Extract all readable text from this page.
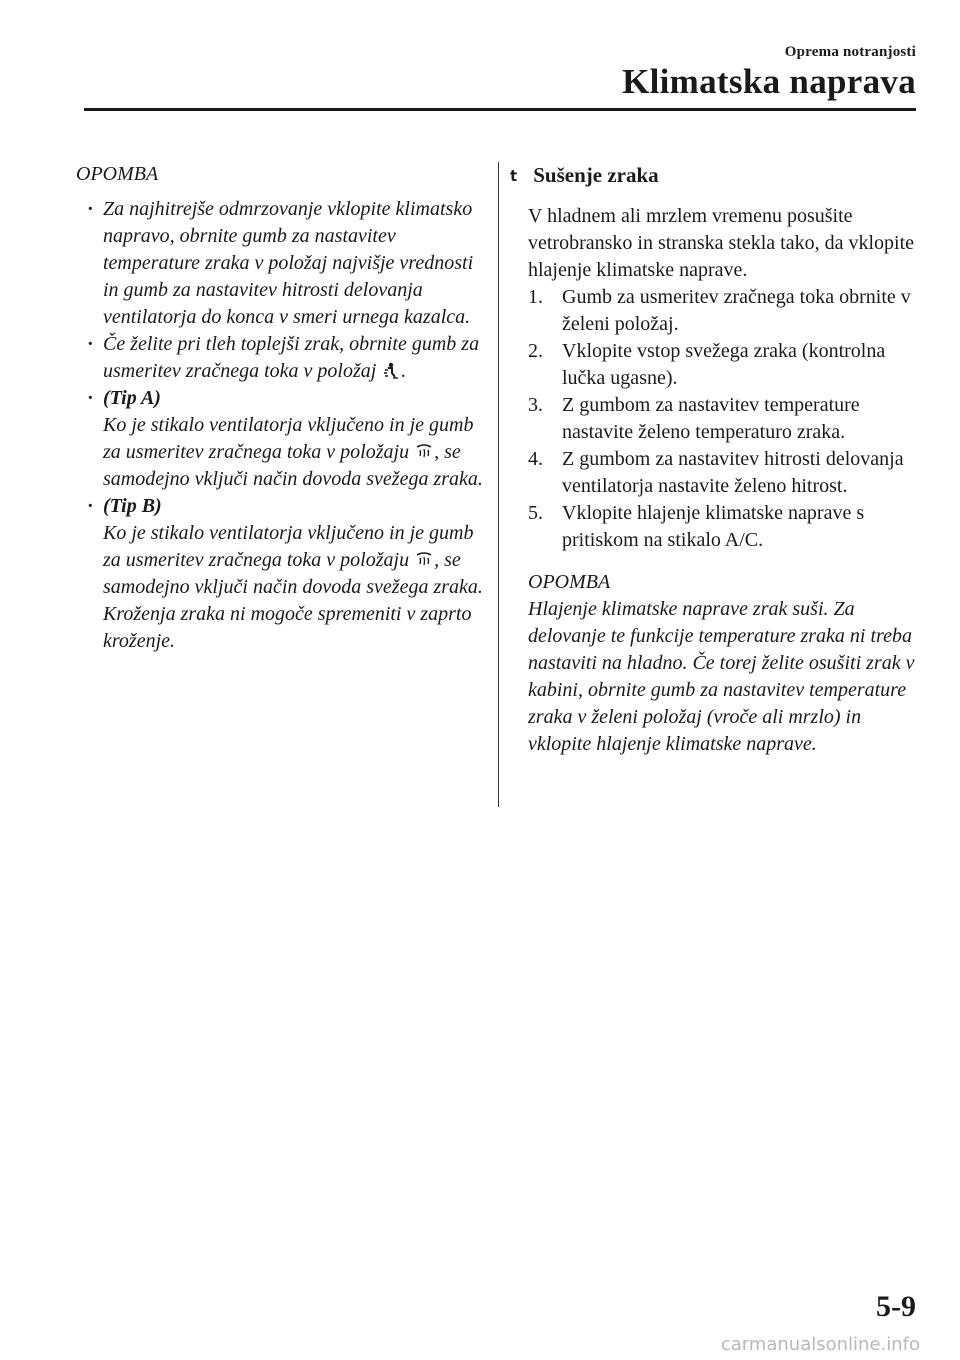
Oprema notranjosti
Klimatska naprava
OPOMBA
· Za najhitrejše odmrzovanje vklopite klimatsko napravo, obrnite gumb za nastavitev temperature zraka v položaj najvišje vrednosti in gumb za nastavitev hitrosti delovanja ventilatorja do konca v smeri urnega kazalca.
· Če želite pri tleh toplejši zrak, obrnite gumb za usmeritev zračnega toka v položaj .
· (Tip A)
Ko je stikalo ventilatorja vključeno in je gumb za usmeritev zračnega toka v položaju , se samodejno vključi način dovoda svežega zraka.
· (Tip B)
Ko je stikalo ventilatorja vključeno in je gumb za usmeritev zračnega toka v položaju , se samodejno vključi način dovoda svežega zraka. Kroženja zraka ni mogoče spremeniti v zaprto kroženje.
t Sušenje zraka
V hladnem ali mrzlem vremenu posušite vetrobransko in stranska stekla tako, da vklopite hlajenje klimatske naprave.
1. Gumb za usmeritev zračnega toka obrnite v želeni položaj.
2. Vklopite vstop svežega zraka (kontrolna lučka ugasne).
3. Z gumbom za nastavitev temperature nastavite želeno temperaturo zraka.
4. Z gumbom za nastavitev hitrosti delovanja ventilatorja nastavite želeno hitrost.
5. Vklopite hlajenje klimatske naprave s pritiskom na stikalo A/C.
OPOMBA
Hlajenje klimatske naprave zrak suši. Za delovanje te funkcije temperature zraka ni treba nastaviti na hladno. Če torej želite osušiti zrak v kabini, obrnite gumb za nastavitev temperature zraka v želeni položaj (vroče ali mrzlo) in vklopite hlajenje klimatske naprave.
5-9
carmanualsonline.info
